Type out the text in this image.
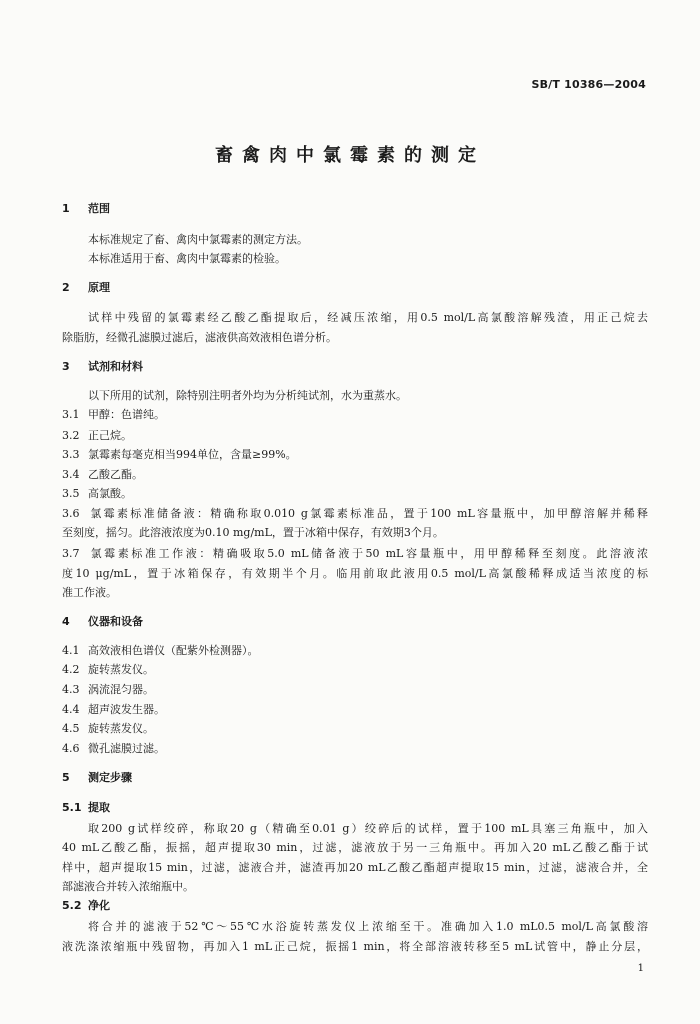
SB/T 10386—2004
畜禽肉中氯霉素的测定
1 范围
本标准规定了畜、禽肉中氯霉素的测定方法。
本标准适用于畜、禽肉中氯霉素的检验。
2 原理
试样中残留的氯霉素经乙酸乙酯提取后，经减压浓缩，用0.5 mol/L高氯酸溶解残渣，用正己烷去
除脂肪，经微孔滤膜过滤后，滤液供高效液相色谱分析。
3 试剂和材料
以下所用的试剂，除特别注明者外均为分析纯试剂，水为重蒸水。
3.1 甲醇：色谱纯。
3.2 正己烷。
3.3 氯霉素每毫克相当994单位，含量≥99%。
3.4 乙酸乙酯。
3.5 高氯酸。
3.6 氯霉素标准储备液：精确称取0.010 g氯霉素标准品，置于100 mL容量瓶中，加甲醇溶解并稀释
至刻度，摇匀。此溶液浓度为0.10 mg/mL，置于冰箱中保存，有效期3个月。
3.7 氯霉素标准工作液：精确吸取5.0 mL储备液于50 mL容量瓶中，用甲醇稀释至刻度。此溶液浓
度10 μg/mL，置于冰箱保存，有效期半个月。临用前取此液用0.5 mol/L高氯酸稀释成适当浓度的标
准工作液。
4 仪器和设备
4.1 高效液相色谱仪（配紫外检测器）。
4.2 旋转蒸发仪。
4.3 涡流混匀器。
4.4 超声波发生器。
4.5 旋转蒸发仪。
4.6 微孔滤膜过滤。
5 测定步骤
5.1 提取
取200 g试样绞碎，称取20 g（精确至0.01 g）绞碎后的试样，置于100 mL具塞三角瓶中，加入
40 mL乙酸乙酯，振摇，超声提取30 min，过滤，滤液放于另一三角瓶中。再加入20 mL乙酸乙酯于试
样中，超声提取15 min，过滤，滤液合并，滤渣再加20 mL乙酸乙酯超声提取15 min，过滤，滤液合并，全
部滤液合并转入浓缩瓶中。
5.2 净化
将合并的滤液于52℃～55℃水浴旋转蒸发仪上浓缩至干。准确加入1.0 mL0.5 mol/L高氯酸溶
液洗涤浓缩瓶中残留物，再加入1 mL正己烷，振摇1 min，将全部溶液转移至5 mL试管中，静止分层，
1
